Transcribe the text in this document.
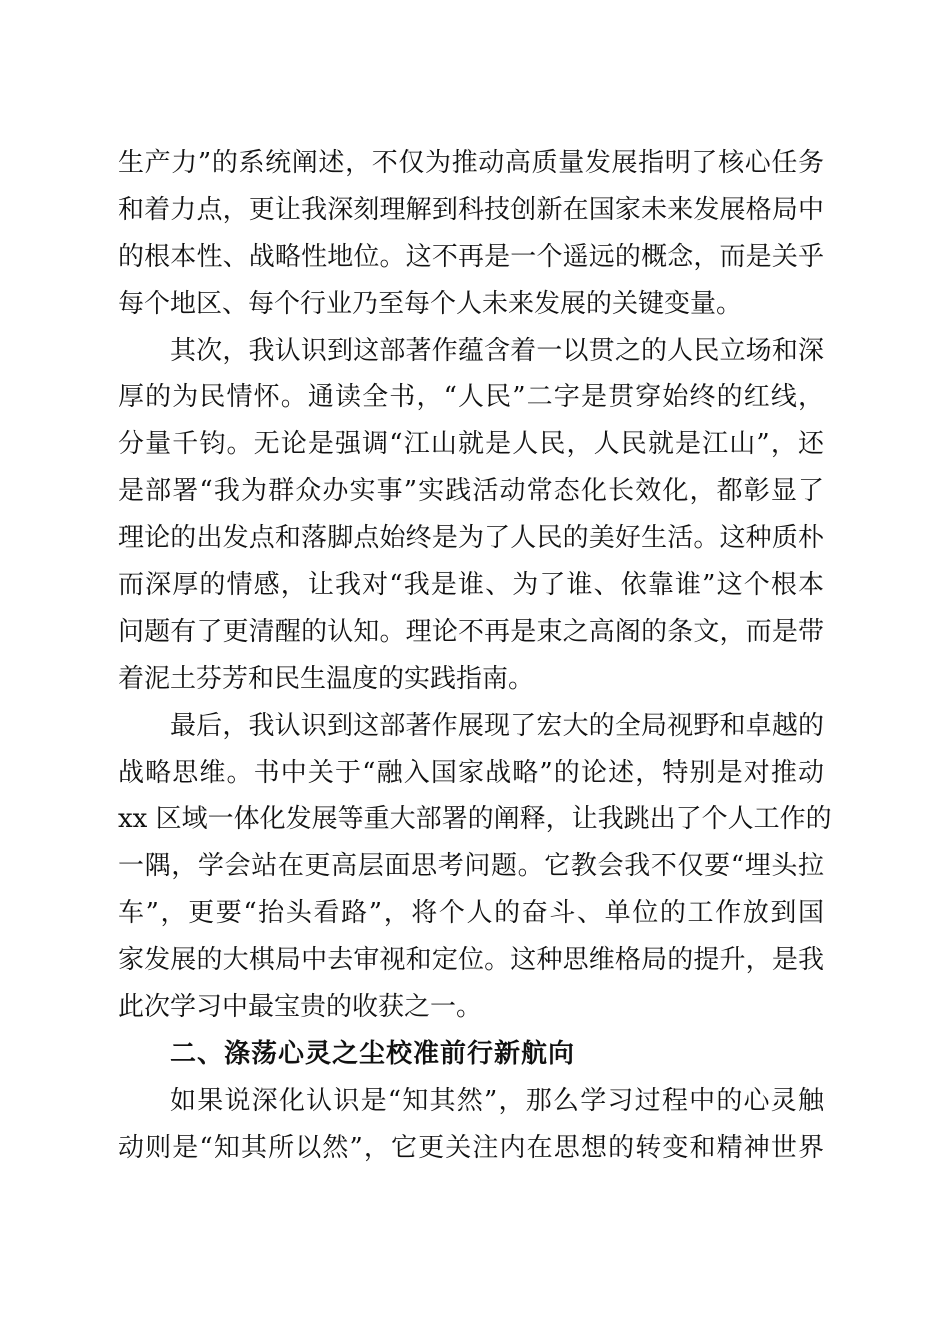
生产力”的系统阐述，不仅为推动高质量发展指明了核心任务
和着力点，更让我深刻理解到科技创新在国家未来发展格局中
的根本性、战略性地位。这不再是一个遥远的概念，而是关乎
每个地区、每个行业乃至每个人未来发展的关键变量。
其次，我认识到这部著作蕴含着一以贯之的人民立场和深
厚的为民情怀。通读全书，“人民”二字是贯穿始终的红线，
分量千钧。无论是强调“江山就是人民，人民就是江山”，还
是部署“我为群众办实事”实践活动常态化长效化，都彰显了
理论的出发点和落脚点始终是为了人民的美好生活。这种质朴
而深厚的情感，让我对“我是谁、为了谁、依靠谁”这个根本
问题有了更清醒的认知。理论不再是束之高阁的条文，而是带
着泥土芬芳和民生温度的实践指南。
最后，我认识到这部著作展现了宏大的全局视野和卓越的
战略思维。书中关于“融入国家战略”的论述，特别是对推动
xx 区域一体化发展等重大部署的阐释，让我跳出了个人工作的
一隅，学会站在更高层面思考问题。它教会我不仅要“埋头拉
车”，更要“抬头看路”，将个人的奋斗、单位的工作放到国
家发展的大棋局中去审视和定位。这种思维格局的提升，是我
此次学习中最宝贵的收获之一。
二、涤荡心灵之尘校准前行新航向
如果说深化认识是“知其然”，那么学习过程中的心灵触
动则是“知其所以然”，它更关注内在思想的转变和精神世界
